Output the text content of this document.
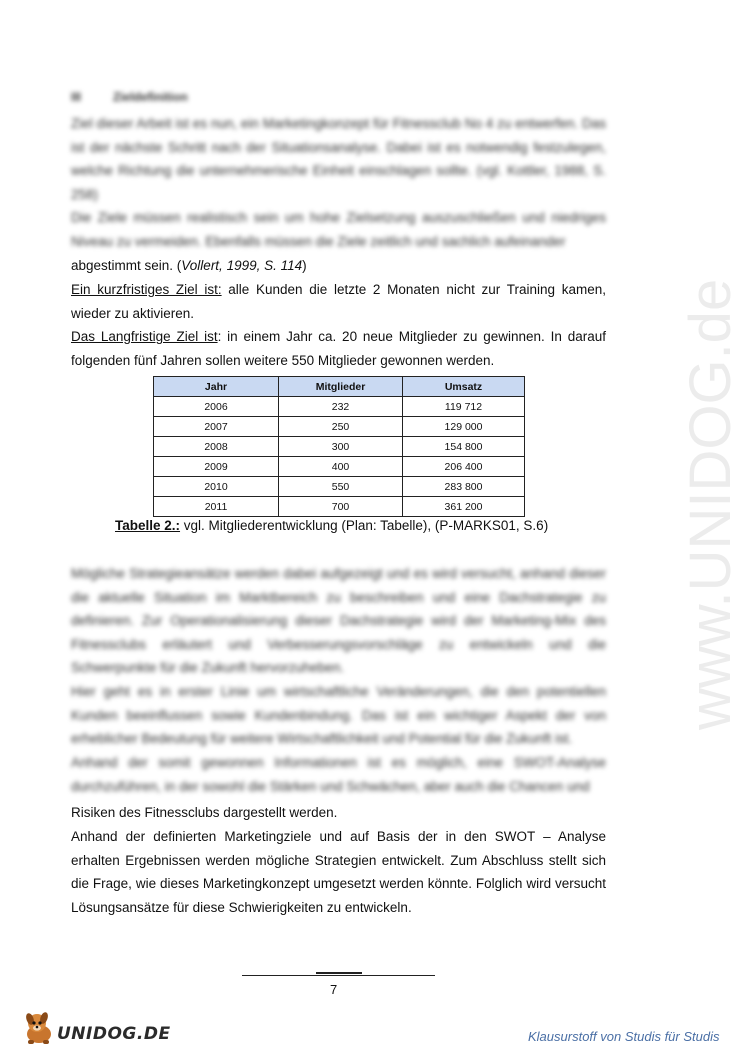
III	Zieldefinition
Ziel dieser Arbeit ist es nun, ein Marketingkonzept für Fitnessclub No 4 zu entwerfen. Das ist der nächste Schritt nach der Situationsanalyse. Dabei ist es notwendig festzulegen, welche Richtung die unternehmerische Einheit einschlagen sollte. (vgl. Kottler, 1988, S. 258)
Die Ziele müssen realistisch sein um hohe Zielsetzung auszuschließen und niedriges Niveau zu vermeiden. Ebenfalls müssen die Ziele zeitlich und sachlich aufeinander
abgestimmt sein. (Vollert, 1999, S. 114)
Ein kurzfristiges Ziel ist: alle Kunden die letzte 2 Monaten nicht zur Training kamen, wieder zu aktivieren.
Das Langfristige Ziel ist: in einem Jahr ca. 20 neue Mitglieder zu gewinnen. In darauf folgenden fünf Jahren sollen weitere 550 Mitglieder gewonnen werden.
Jahr	Mitglieder	Umsatz
2006	232	119 712
2007	250	129 000
2008	300	154 800
2009	400	206 400
2010	550	283 800
2011	700	361 200
Tabelle 2.: vgl. Mitgliederentwicklung (Plan: Tabelle), (P-MARKS01, S.6)
Mögliche Strategieansätze werden dabei aufgezeigt und es wird versucht, anhand dieser die aktuelle Situation im Marktbereich zu beschreiben und eine Dachstrategie zu definieren. Zur Operationalisierung dieser Dachstrategie wird der Marketing-Mix des Fitnessclubs erläutert und Verbesserungsvorschläge zu entwickeln und die Schwerpunkte für die Zukunft hervorzuheben.
Hier geht es in erster Linie um wirtschaftliche Veränderungen, die den potentiellen Kunden beeinflussen sowie Kundenbindung. Das ist ein wichtiger Aspekt der von erheblicher Bedeutung für weitere Wirtschaftlichkeit und Potential für die Zukunft ist.
Anhand der somit gewonnen Informationen ist es möglich, eine SWOT-Analyse durchzuführen, in der sowohl die Stärken und Schwächen, aber auch die Chancen und
Risiken des Fitnessclubs dargestellt werden.
Anhand der definierten Marketingziele und auf Basis der in den SWOT – Analyse erhalten Ergebnissen werden mögliche Strategien entwickelt. Zum Abschluss stellt sich die Frage, wie dieses Marketingkonzept umgesetzt werden könnte. Folglich wird versucht Lösungsansätze für diese Schwierigkeiten zu entwickeln.
7
www.UNIDOG.de
UNIDOG.DE	Klausurstoff von Studis für Studis
